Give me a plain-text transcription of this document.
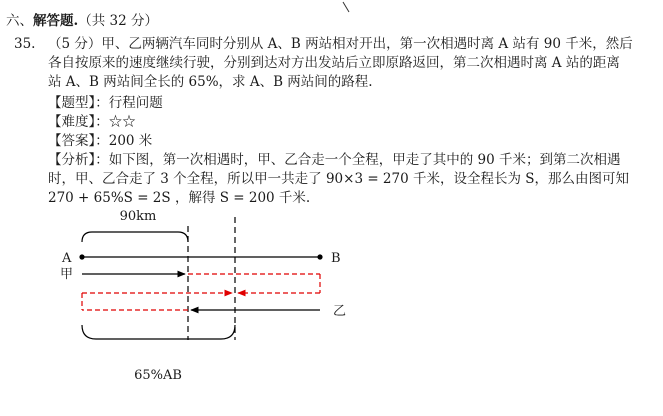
六、解答题.（共 32 分）
35. （5 分）甲、乙两辆汽车同时分别从 A、B 两站相对开出，第一次相遇时离 A 站有 90 千米，然后
各自按原来的速度继续行驶，分别到达对方出发站后立即原路返回，第二次相遇时离 A 站的距离
站 A、B 两站间全长的 65%，求 A、B 两站间的路程.
【题型】：行程问题
【难度】：☆☆
【答案】：200 米
【分析】：如下图，第一次相遇时，甲、乙合走一个全程，甲走了其中的 90 千米；到第二次相遇
时，甲、乙合走了 3 个全程，所以甲一共走了 90×3 = 270 千米，设全程长为 S，那么由图可知
270 + 65%S = 2S ，解得 S = 200 千米.
90km
A	B
甲
乙
65%AB
